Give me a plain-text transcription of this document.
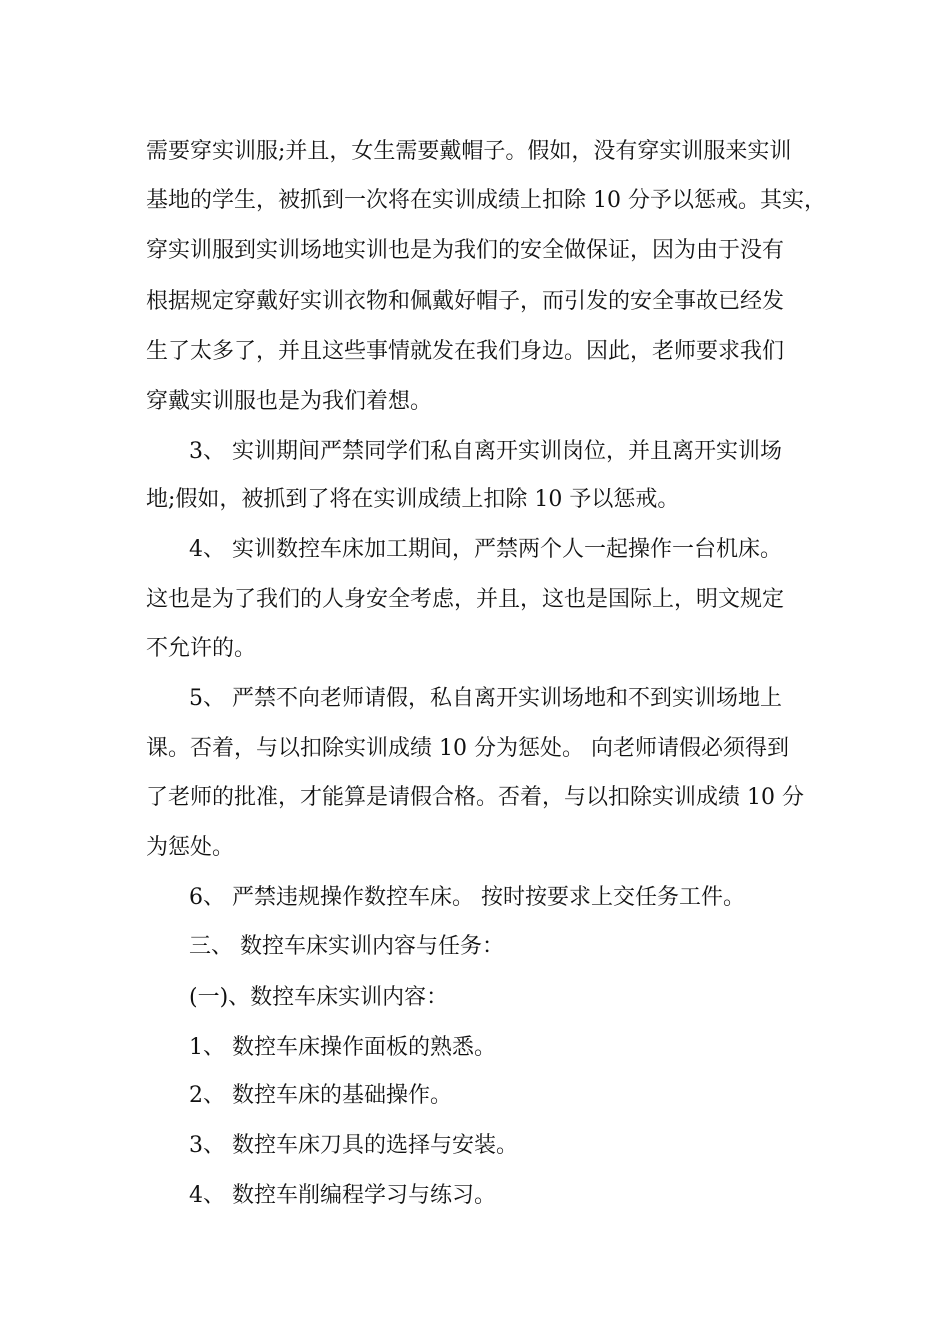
需要穿实训服;并且，女生需要戴帽子。假如，没有穿实训服来实训
基地的学生，被抓到一次将在实训成绩上扣除 10 分予以惩戒。其实，
穿实训服到实训场地实训也是为我们的安全做保证，因为由于没有
根据规定穿戴好实训衣物和佩戴好帽子，而引发的安全事故已经发
生了太多了，并且这些事情就发在我们身边。因此，老师要求我们
穿戴实训服也是为我们着想。
3、 实训期间严禁同学们私自离开实训岗位，并且离开实训场
地;假如，被抓到了将在实训成绩上扣除 10 予以惩戒。
4、 实训数控车床加工期间，严禁两个人一起操作一台机床。
这也是为了我们的人身安全考虑，并且，这也是国际上，明文规定
不允许的。
5、 严禁不向老师请假，私自离开实训场地和不到实训场地上
课。否着，与以扣除实训成绩 10 分为惩处。 向老师请假必须得到
了老师的批准，才能算是请假合格。否着，与以扣除实训成绩 10 分
为惩处。
6、 严禁违规操作数控车床。 按时按要求上交任务工件。
三、 数控车床实训内容与任务：
(一)、数控车床实训内容：
1、 数控车床操作面板的熟悉。
2、 数控车床的基础操作。
3、 数控车床刀具的选择与安装。
4、 数控车削编程学习与练习。
